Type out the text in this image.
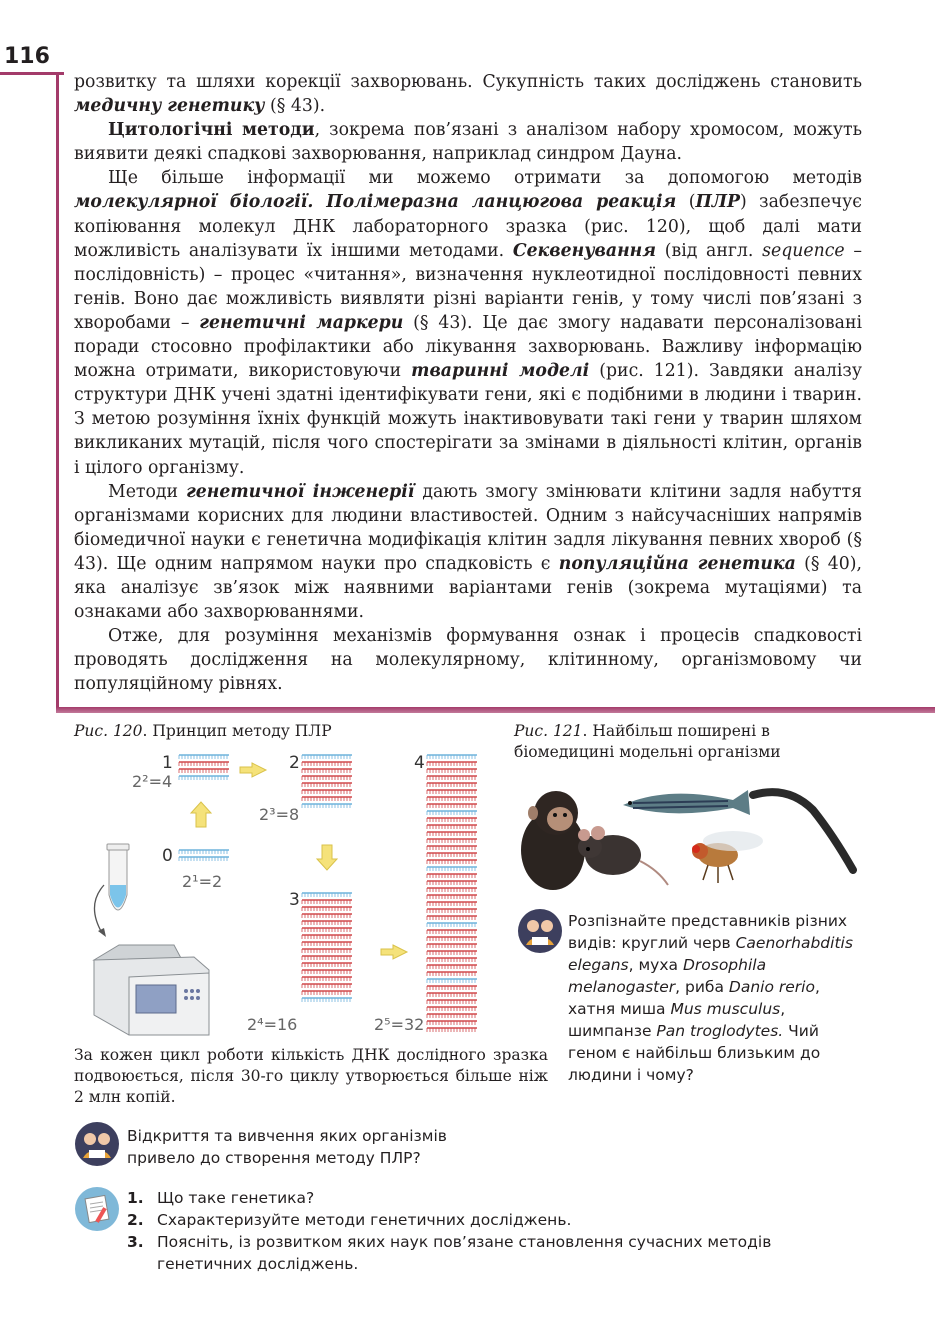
116

розвитку та шляхи корекції захворювань. Сукупність таких досліджень становить медичну генетику (§ 43).

Цитологічні методи, зокрема пов’язані з аналізом набору хромосом, можуть виявити деякі спадкові захворювання, наприклад синдром Дауна.

Ще більше інформації ми можемо отримати за допомогою методів молекулярної біології. Полімеразна ланцюгова реакція (ПЛР) забезпечує копіювання молекул ДНК лабораторного зразка (рис. 120), щоб далі мати можливість аналізувати їх іншими методами. Секвенування (від англ. sequence – послідовність) – процес «читання», визначення нуклеотидної послідовності певних генів. Воно дає можливість виявляти різні варіанти генів, у тому числі пов’язані з хворобами – генетичні маркери (§ 43). Це дає змогу надавати персоналізовані поради стосовно профілактики або лікування захворювань. Важливу інформацію можна отримати, використовуючи тваринні моделі (рис. 121). Завдяки аналізу структури ДНК учені здатні ідентифікувати гени, які є подібними в людини і тварин. З метою розуміння їхніх функцій можуть інактивовувати такі гени у тварин шляхом викликаних мутацій, після чого спостерігати за змінами в діяльності клітин, органів і цілого організму.

Методи генетичної інженерії дають змогу змінювати клітини задля набуття організмами корисних для людини властивостей. Одним з найсучасніших напрямів біомедичної науки є генетична модифікація клітин задля лікування певних хвороб (§ 43). Ще одним напрямом науки про спадковість є популяційна генетика (§ 40), яка аналізує зв’язок між наявними варіантами генів (зокрема мутаціями) та ознаками або захворюваннями.

Отже, для розуміння механізмів формування ознак і процесів спадковості проводять дослідження на молекулярному, клітинному, організмовому чи популяційному рівнях.

Рис. 120. Принцип методу ПЛР	Рис. 121. Найбільш поширені в біомедицині модельні організми
0
2¹=2
1
2²=4
2
2³=8
3
2⁴=16
4
2⁵=32
За кожен цикл роботи кількість ДНК дослідного зразка подвоюється, після 30-го циклу утворюється більше ніж 2 млн копій.
Розпізнайте представників різних видів: круглий черв Caenorhabditis elegans, муха Drosophila melanogaster, риба Danio rerio, хатня миша Mus musculus, шимпанзе Pan troglodytes. Чий геном є найбільш близьким до людини і чому?
Відкриття та вивчення яких організмів привело до створення методу ПЛР?
1. Що таке генетика?
2. Схарактеризуйте методи генетичних досліджень.
3. Поясніть, із розвитком яких наук пов’язане становлення сучасних методів генетичних досліджень.
